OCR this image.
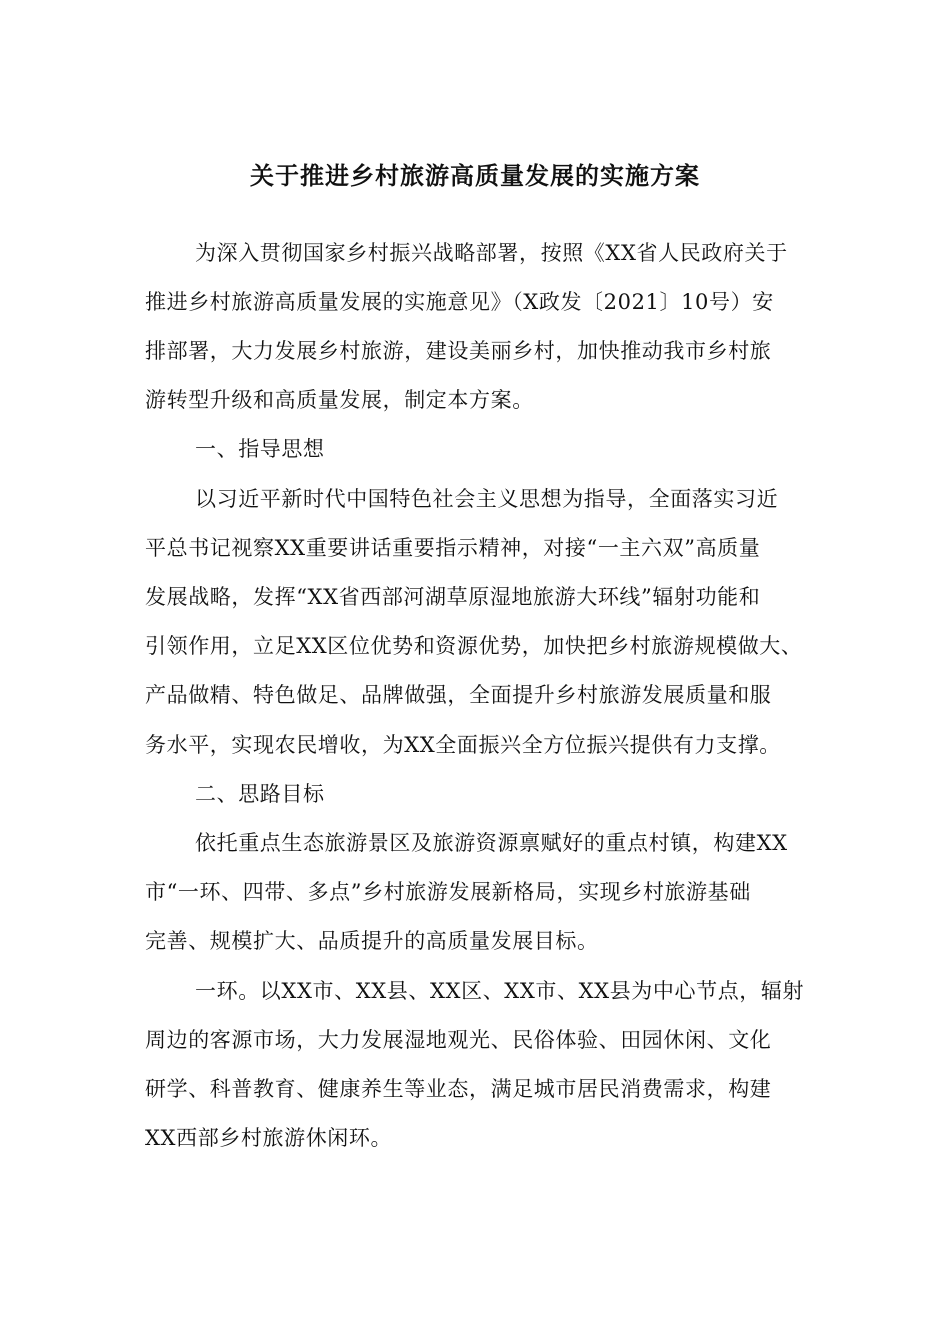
关于推进乡村旅游高质量发展的实施方案
为深入贯彻国家乡村振兴战略部署，按照《XX省人民政府关于
推进乡村旅游高质量发展的实施意见》（X政发〔2021〕10号）安
排部署，大力发展乡村旅游，建设美丽乡村，加快推动我市乡村旅
游转型升级和高质量发展，制定本方案。
一、指导思想
以习近平新时代中国特色社会主义思想为指导，全面落实习近
平总书记视察XX重要讲话重要指示精神，对接“一主六双”高质量
发展战略，发挥“XX省西部河湖草原湿地旅游大环线”辐射功能和
引领作用，立足XX区位优势和资源优势，加快把乡村旅游规模做大、
产品做精、特色做足、品牌做强，全面提升乡村旅游发展质量和服
务水平，实现农民增收，为XX全面振兴全方位振兴提供有力支撑。
二、思路目标
依托重点生态旅游景区及旅游资源禀赋好的重点村镇，构建XX
市“一环、四带、多点”乡村旅游发展新格局，实现乡村旅游基础
完善、规模扩大、品质提升的高质量发展目标。
一环。以XX市、XX县、XX区、XX市、XX县为中心节点，辐射
周边的客源市场，大力发展湿地观光、民俗体验、田园休闲、文化
研学、科普教育、健康养生等业态，满足城市居民消费需求，构建
XX西部乡村旅游休闲环。
